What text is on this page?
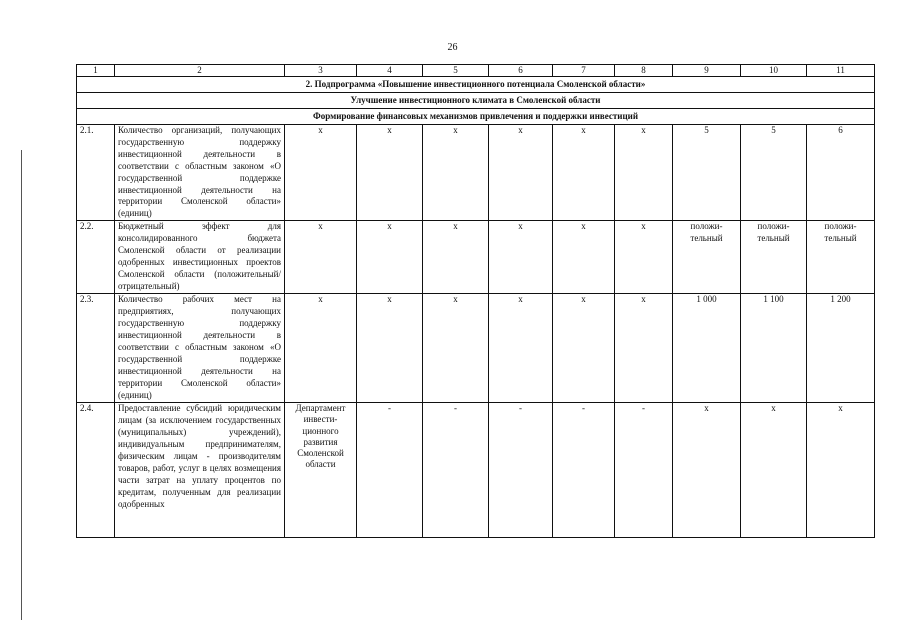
26
1	2	3	4	5	6	7	8	9	10	11
2. Подпрограмма «Повышение инвестиционного потенциала Смоленской области»										
Улучшение инвестиционного климата в Смоленской области										
Формирование финансовых механизмов привлечения и поддержки инвестиций										
2.1.	Количество организаций, получающих государственную поддержку инвестиционной деятельности в соответствии с областным законом «О государственной поддержке инвестиционной деятельности на территории Смоленской области» (единиц)	х	х	х	х	х	х	5	5	6
2.2.	Бюджетный эффект для консолидированного бюджета Смоленской области от реализации одобренных инвестиционных проектов Смоленской области (положительный/ отрицательный)	х	х	х	х	х	х	положи-тельный	положи-тельный	положи-тельный
2.3.	Количество рабочих мест на предприятиях, получающих государственную поддержку инвестиционной деятельности в соответствии с областным законом «О государственной поддержке инвестиционной деятельности на территории Смоленской области» (единиц)	х	х	х	х	х	х	1 000	1 100	1 200
2.4.	Предоставление субсидий юридическим лицам (за исключением государственных (муниципальных) учреждений), индивидуальным предпринимателям, физическим лицам - производителям товаров, работ, услуг в целях возмещения части затрат на уплату процентов по кредитам, полученным для реализации одобренных	Департамент инвести-ционного развития Смоленской области	-	-	-	-	-	х	х	х
